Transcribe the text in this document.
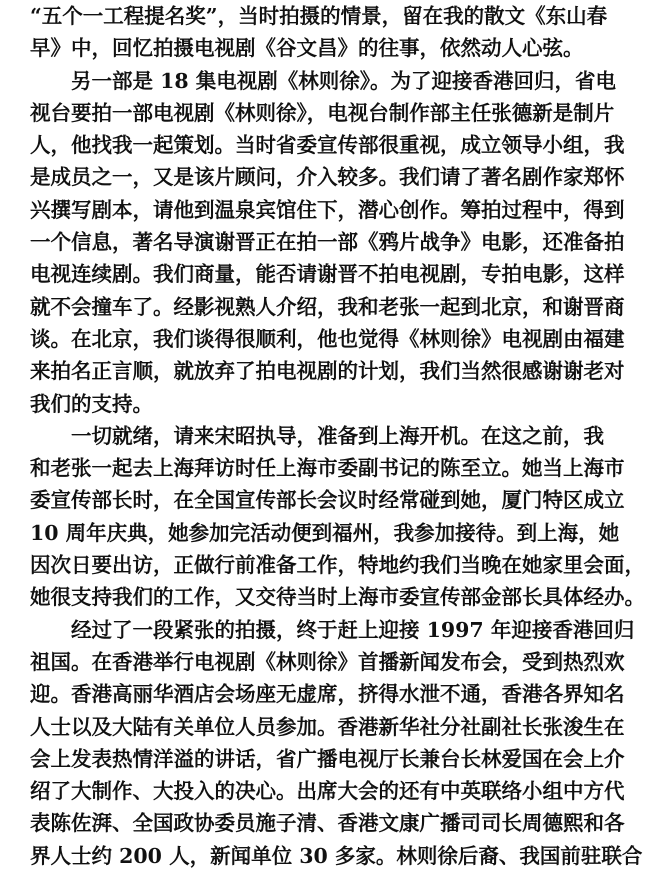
“五个一工程提名奖”，当时拍摄的情景，留在我的散文《东山春
早》中，回忆拍摄电视剧《谷文昌》的往事，依然动人心弦。
　　另一部是 18 集电视剧《林则徐》。为了迎接香港回归，省电
视台要拍一部电视剧《林则徐》，电视台制作部主任张德新是制片
人，他找我一起策划。当时省委宣传部很重视，成立领导小组，我
是成员之一，又是该片顾问，介入较多。我们请了著名剧作家郑怀
兴撰写剧本，请他到温泉宾馆住下，潜心创作。筹拍过程中，得到
一个信息，著名导演谢晋正在拍一部《鸦片战争》电影，还准备拍
电视连续剧。我们商量，能否请谢晋不拍电视剧，专拍电影，这样
就不会撞车了。经影视熟人介绍，我和老张一起到北京，和谢晋商
谈。在北京，我们谈得很顺利，他也觉得《林则徐》电视剧由福建
来拍名正言顺，就放弃了拍电视剧的计划，我们当然很感谢谢老对
我们的支持。
　　一切就绪，请来宋昭执导，准备到上海开机。在这之前，我
和老张一起去上海拜访时任上海市委副书记的陈至立。她当上海市
委宣传部长时，在全国宣传部长会议时经常碰到她，厦门特区成立
10 周年庆典，她参加完活动便到福州，我参加接待。到上海，她
因次日要出访，正做行前准备工作，特地约我们当晚在她家里会面，
她很支持我们的工作，又交待当时上海市委宣传部金部长具体经办。
　　经过了一段紧张的拍摄，终于赶上迎接 1997 年迎接香港回归
祖国。在香港举行电视剧《林则徐》首播新闻发布会，受到热烈欢
迎。香港高丽华酒店会场座无虚席，挤得水泄不通，香港各界知名
人士以及大陆有关单位人员参加。香港新华社分社副社长张浚生在
会上发表热情洋溢的讲话，省广播电视厅长兼台长林爱国在会上介
绍了大制作、大投入的决心。出席大会的还有中英联络小组中方代
表陈佐湃、全国政协委员施子清、香港文康广播司司长周德熙和各
界人士约 200 人，新闻单位 30 多家。林则徐后裔、我国前驻联合
